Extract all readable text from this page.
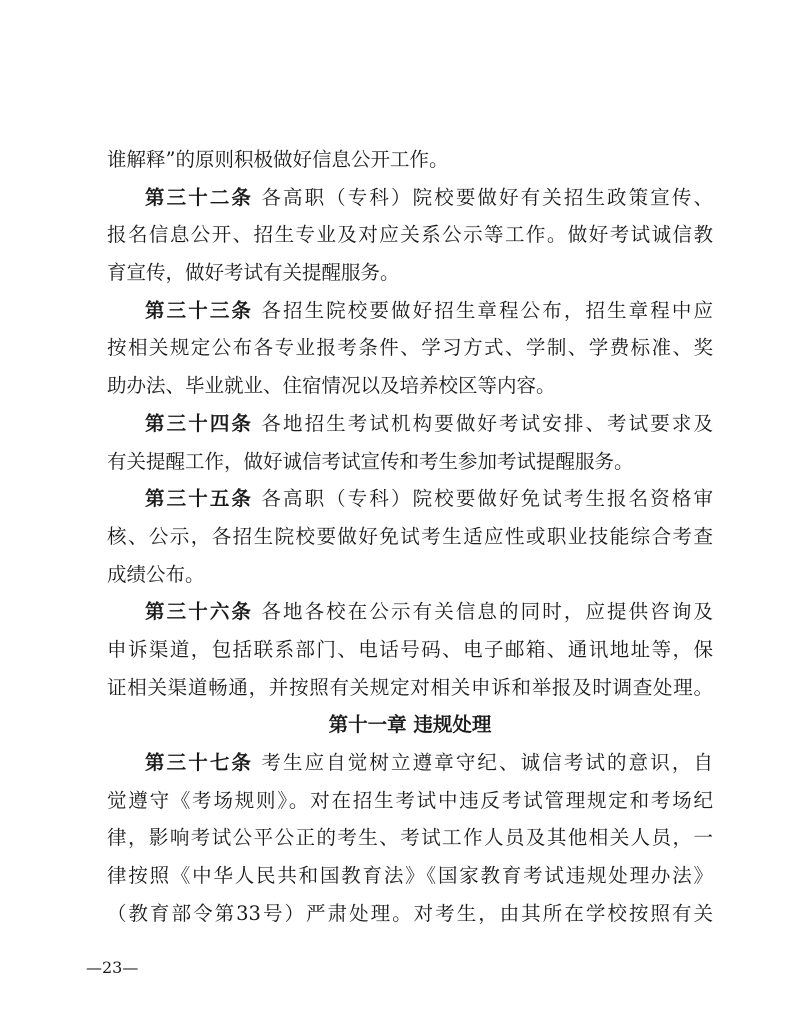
谁解释”的原则积极做好信息公开工作。
第三十二条 各高职（专科）院校要做好有关招生政策宣传、
报名信息公开、招生专业及对应关系公示等工作。做好考试诚信教
育宣传，做好考试有关提醒服务。
第三十三条 各招生院校要做好招生章程公布，招生章程中应
按相关规定公布各专业报考条件、学习方式、学制、学费标准、奖
助办法、毕业就业、住宿情况以及培养校区等内容。
第三十四条 各地招生考试机构要做好考试安排、考试要求及
有关提醒工作，做好诚信考试宣传和考生参加考试提醒服务。
第三十五条 各高职（专科）院校要做好免试考生报名资格审
核、公示，各招生院校要做好免试考生适应性或职业技能综合考查
成绩公布。
第三十六条 各地各校在公示有关信息的同时，应提供咨询及
申诉渠道，包括联系部门、电话号码、电子邮箱、通讯地址等，保
证相关渠道畅通，并按照有关规定对相关申诉和举报及时调查处理。
第十一章 违规处理
第三十七条 考生应自觉树立遵章守纪、诚信考试的意识，自
觉遵守《考场规则》。对在招生考试中违反考试管理规定和考场纪
律，影响考试公平公正的考生、考试工作人员及其他相关人员，一
律按照《中华人民共和国教育法》《国家教育考试违规处理办法》
（教育部令第33号）严肃处理。对考生，由其所在学校按照有关
—23—
